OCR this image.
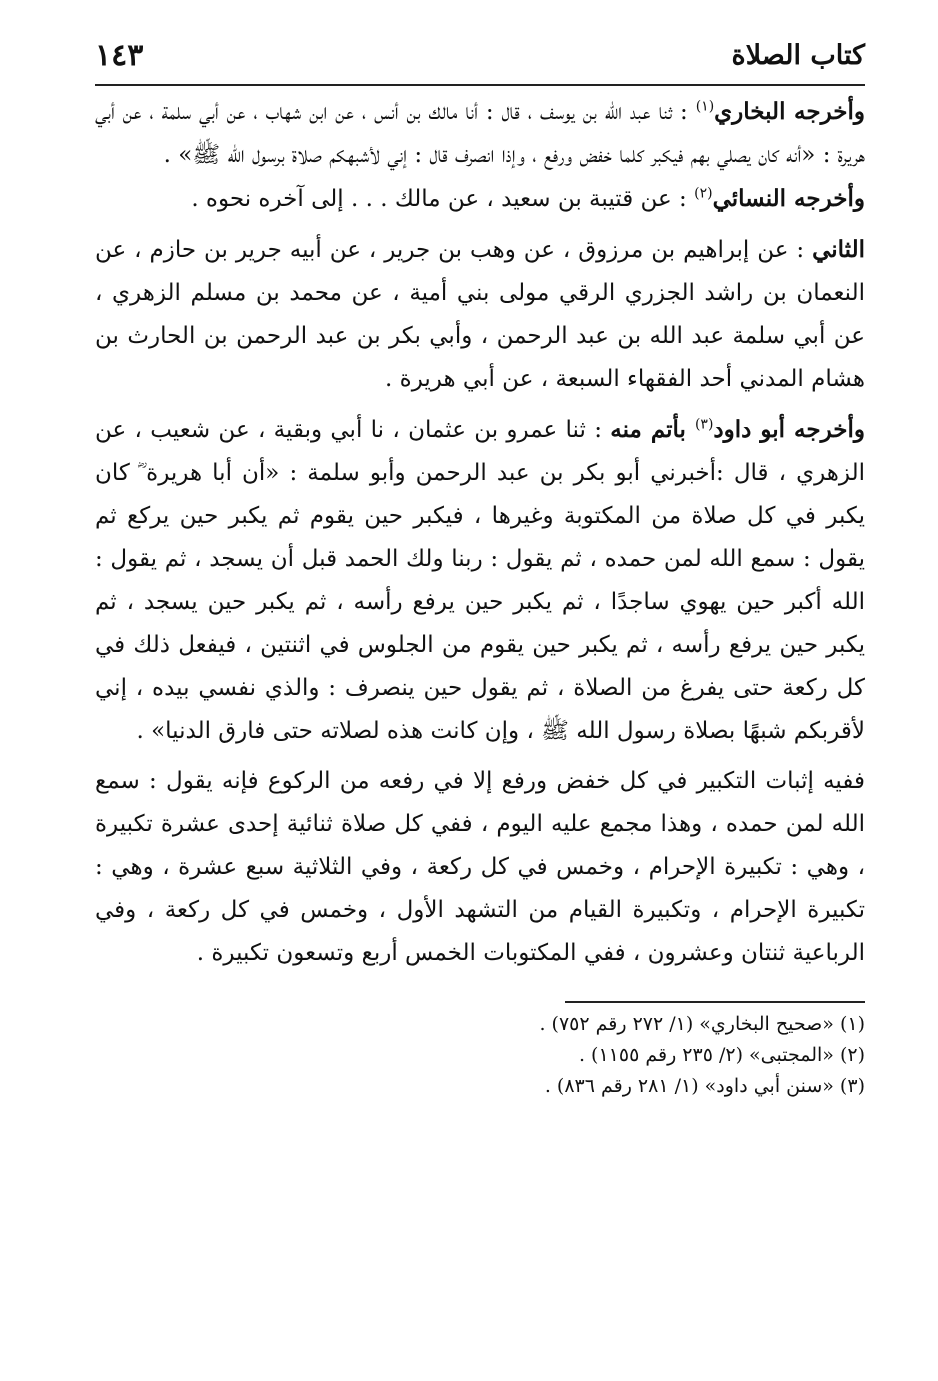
كتاب الصلاة
١٤٣

وأخرجه البخاري$^{(١)}$ : ثنا عبد الله بن يوسف ، قال : أنا مالك بن أنس ، عن ابن شهاب ، عن أبي سلمة ، عن أبي هريرة : «أنه كان يصلي بهم فيكبر كلما خفض ورفع ، وإذا انصرف قال : إني لأشبهكم صلاة برسول الله ﷺ» .

وأخرجه النسائي$^{(٢)}$ : عن قتيبة بن سعيد ، عن مالك . . . إلى آخره نحوه .

الثاني : عن إبراهيم بن مرزوق ، عن وهب بن جرير ، عن أبيه جرير بن حازم ، عن النعمان بن راشد الجزري الرقي مولى بني أمية ، عن محمد بن مسلم الزهري ، عن أبي سلمة عبد الله بن عبد الرحمن ، وأبي بكر بن عبد الرحمن بن الحارث بن هشام المدني أحد الفقهاء السبعة ، عن أبي هريرة .

وأخرجه أبو داود$^{(٣)}$ بأتم منه : ثنا عمرو بن عثمان ، نا أبي وبقية ، عن شعيب ، عن الزهري ، قال :أخبرني أبو بكر بن عبد الرحمن وأبو سلمة : «أن أبا هريرة ؓ كان يكبر في كل صلاة من المكتوبة وغيرها ، فيكبر حين يقوم ثم يكبر حين يركع ثم يقول : سمع الله لمن حمده ، ثم يقول : ربنا ولك الحمد قبل أن يسجد ، ثم يقول : الله أكبر حين يهوي ساجدًا ، ثم يكبر حين يرفع رأسه ، ثم يكبر حين يسجد ، ثم يكبر حين يرفع رأسه ، ثم يكبر حين يقوم من الجلوس في اثنتين ، فيفعل ذلك في كل ركعة حتى يفرغ من الصلاة ، ثم يقول حين ينصرف : والذي نفسي بيده ، إني لأقربكم شبهًا بصلاة رسول الله ﷺ ، وإن كانت هذه لصلاته حتى فارق الدنيا» .

ففيه إثبات التكبير في كل خفض ورفع إلا في رفعه من الركوع فإنه يقول : سمع الله لمن حمده ، وهذا مجمع عليه اليوم ، ففي كل صلاة ثنائية إحدى عشرة تكبيرة ، وهي : تكبيرة الإحرام ، وخمس في كل ركعة ، وفي الثلاثية سبع عشرة ، وهي : تكبيرة الإحرام ، وتكبيرة القيام من التشهد الأول ، وخمس في كل ركعة ، وفي الرباعية ثنتان وعشرون ، ففي المكتوبات الخمس أربع وتسعون تكبيرة .

(١) «صحيح البخاري» (١/ ٢٧٢ رقم ٧٥٢) .
(٢) «المجتبى» (٢/ ٢٣٥ رقم ١١٥٥) .
(٣) «سنن أبي داود» (١/ ٢٨١ رقم ٨٣٦) .
